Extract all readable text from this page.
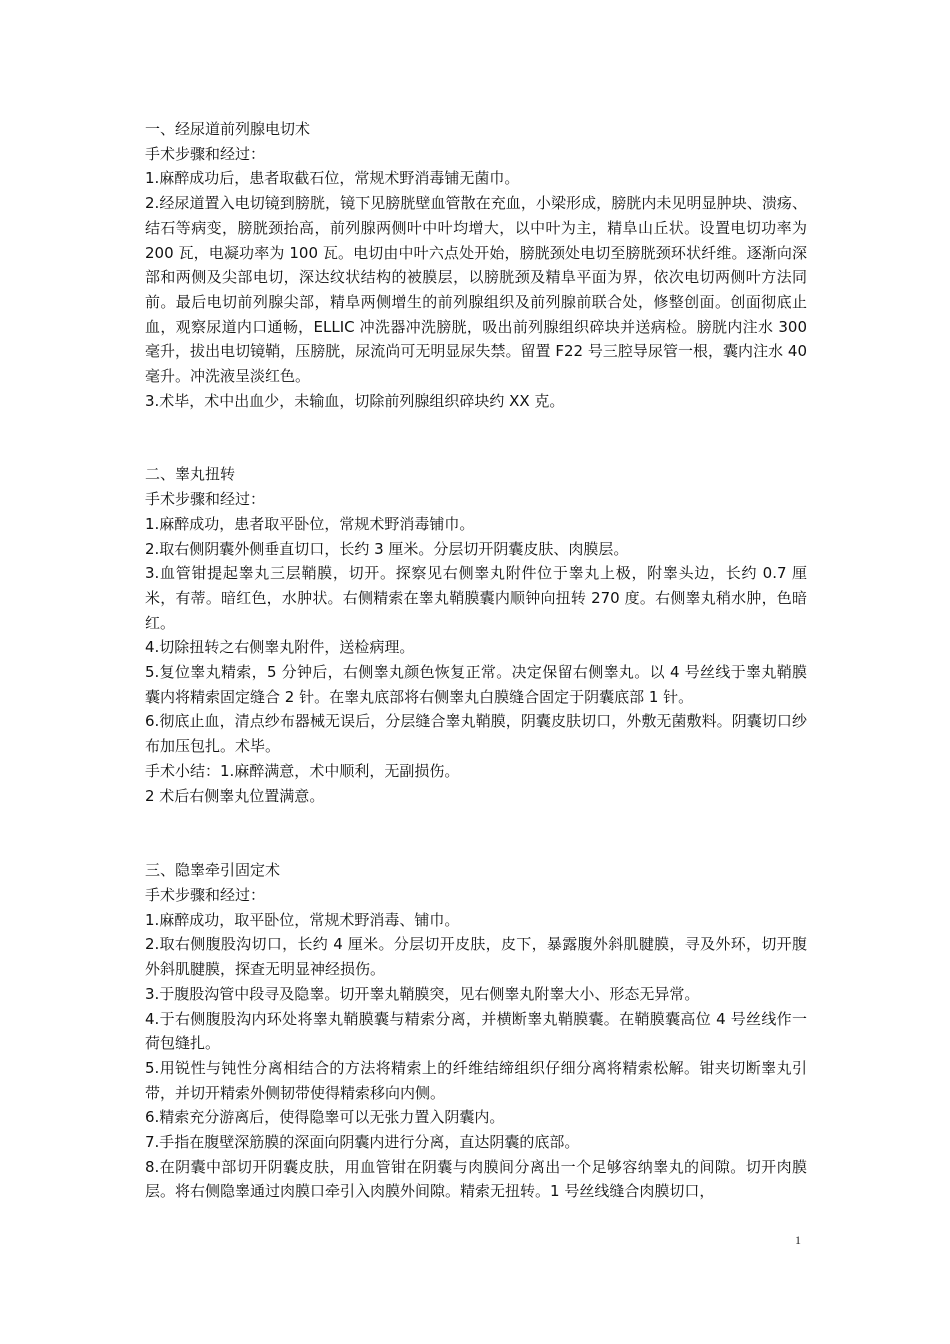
一、经尿道前列腺电切术

手术步骤和经过：

1.麻醉成功后，患者取截石位，常规术野消毒铺无菌巾。

2.经尿道置入电切镜到膀胱，镜下见膀胱壁血管散在充血，小梁形成，膀胱内未见明显肿块、溃疡、结石等病变，膀胱颈抬高，前列腺两侧叶中叶均增大，以中叶为主，精阜山丘状。设置电切功率为 200 瓦，电凝功率为 100 瓦。电切由中叶六点处开始，膀胱颈处电切至膀胱颈环状纤维。逐渐向深部和两侧及尖部电切，深达纹状结构的被膜层，以膀胱颈及精阜平面为界，依次电切两侧叶方法同前。最后电切前列腺尖部，精阜两侧增生的前列腺组织及前列腺前联合处，修整创面。创面彻底止血，观察尿道内口通畅，ELLIC 冲洗器冲洗膀胱，吸出前列腺组织碎块并送病检。膀胱内注水 300 毫升，拔出电切镜鞘，压膀胱，尿流尚可无明显尿失禁。留置 F22 号三腔导尿管一根，囊内注水 40 毫升。冲洗液呈淡红色。

3.术毕，术中出血少，未输血，切除前列腺组织碎块约 XX 克。

二、睾丸扭转

手术步骤和经过：

1.麻醉成功，患者取平卧位，常规术野消毒铺巾。

2.取右侧阴囊外侧垂直切口，长约 3 厘米。分层切开阴囊皮肤、肉膜层。

3.血管钳提起睾丸三层鞘膜，切开。探察见右侧睾丸附件位于睾丸上极，附睾头边，长约 0.7 厘米，有蒂。暗红色，水肿状。右侧精索在睾丸鞘膜囊内顺钟向扭转 270 度。右侧睾丸稍水肿，色暗红。

4.切除扭转之右侧睾丸附件，送检病理。

5.复位睾丸精索，5 分钟后，右侧睾丸颜色恢复正常。决定保留右侧睾丸。以 4 号丝线于睾丸鞘膜囊内将精索固定缝合 2 针。在睾丸底部将右侧睾丸白膜缝合固定于阴囊底部 1 针。

6.彻底止血，清点纱布器械无误后，分层缝合睾丸鞘膜，阴囊皮肤切口，外敷无菌敷料。阴囊切口纱布加压包扎。术毕。

手术小结：1.麻醉满意，术中顺利，无副损伤。

2 术后右侧睾丸位置满意。

三、隐睾牵引固定术

手术步骤和经过：

1.麻醉成功，取平卧位，常规术野消毒、铺巾。

2.取右侧腹股沟切口，长约 4 厘米。分层切开皮肤，皮下，暴露腹外斜肌腱膜，寻及外环，切开腹外斜肌腱膜，探查无明显神经损伤。

3.于腹股沟管中段寻及隐睾。切开睾丸鞘膜突，见右侧睾丸附睾大小、形态无异常。

4.于右侧腹股沟内环处将睾丸鞘膜囊与精索分离，并横断睾丸鞘膜囊。在鞘膜囊高位 4 号丝线作一荷包缝扎。

5.用锐性与钝性分离相结合的方法将精索上的纤维结缔组织仔细分离将精索松解。钳夹切断睾丸引带，并切开精索外侧韧带使得精索移向内侧。

6.精索充分游离后，使得隐睾可以无张力置入阴囊内。

7.手指在腹壁深筋膜的深面向阴囊内进行分离，直达阴囊的底部。

8.在阴囊中部切开阴囊皮肤，用血管钳在阴囊与肉膜间分离出一个足够容纳睾丸的间隙。切开肉膜层。将右侧隐睾通过肉膜口牵引入肉膜外间隙。精索无扭转。1 号丝线缝合肉膜切口，

1
